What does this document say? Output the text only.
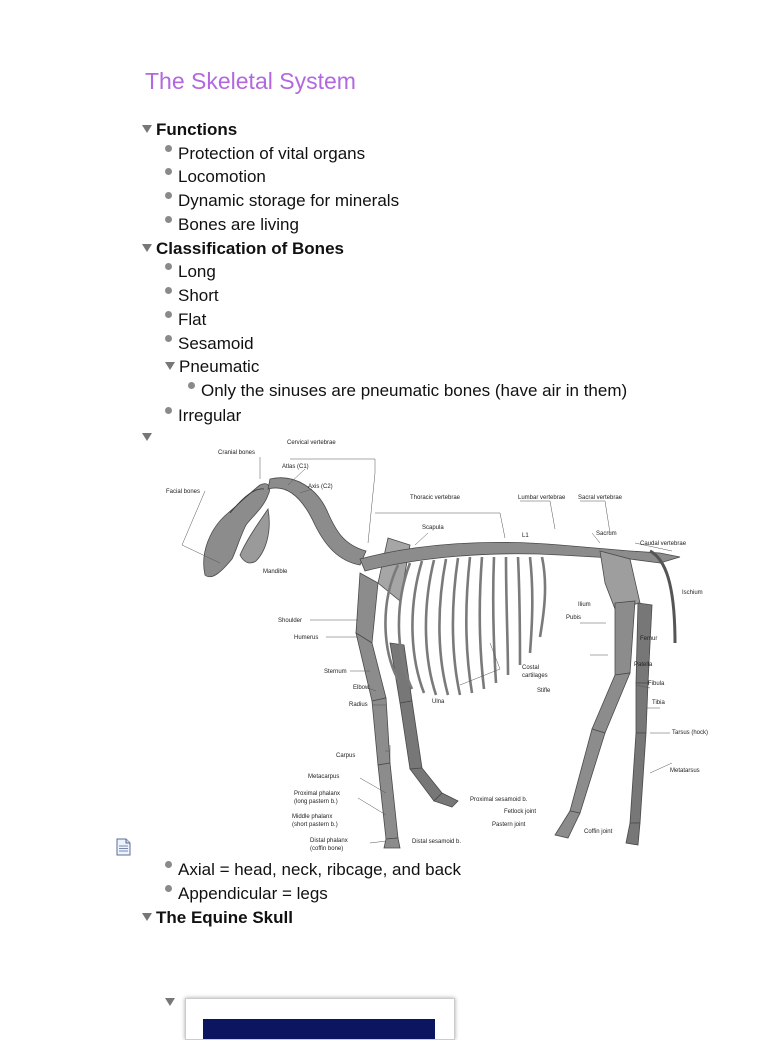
The Skeletal System
Functions
Protection of vital organs
Locomotion
Dynamic storage for minerals
Bones are living
Classification of Bones
Long
Short
Flat
Sesamoid
Pneumatic
Only the sinuses are pneumatic bones (have air in them)
Irregular
Cervical vertebrae
Cranial bones
Atlas (C1)
Axis (C2)
Facial bones
Thoracic vertebrae	Lumbar vertebrae Sacral vertebrae
Scapula
L1	Sacrum
Caudal vertebrae
Mandible
Ischium
Ilium
Pubis
Shoulder
Femur
Humerus
Patella
Costal
cartilages
Sternum
Fibula
Elbow	Stifle
Radius	Ulna	Tibia
Tarsus (hock)
Carpus
Metatarsus
Metacarpus
Proximal phalanx
(long pastern b.)	Proximal sesamoid b.
Fetlock joint
Middle phalanx
(short pastern b.)	Pastern joint
Coffin joint
Distal phalanx
(coffin bone)
Distal sesamoid b.
Axial = head, neck, ribcage, and back
Appendicular = legs
The Equine Skull
